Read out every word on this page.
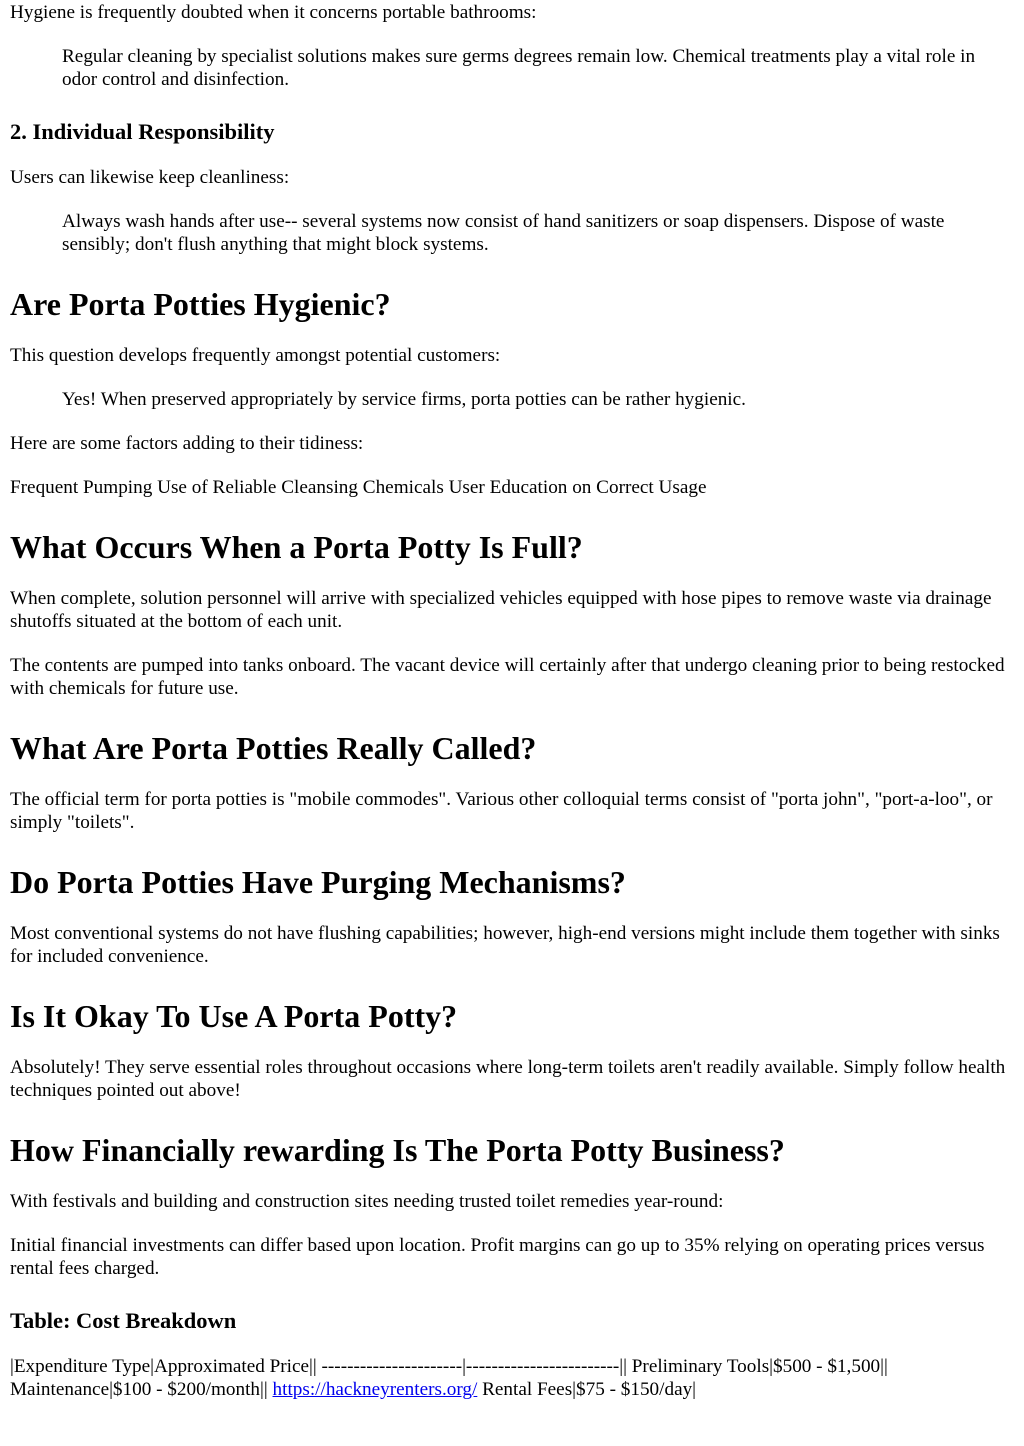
Hygiene is frequently doubted when it concerns portable bathrooms:

Regular cleaning by specialist solutions makes sure germs degrees remain low. Chemical treatments play a vital role in odor control and disinfection.
2. Individual Responsibility

Users can likewise keep cleanliness:

Always wash hands after use-- several systems now consist of hand sanitizers or soap dispensers. Dispose of waste sensibly; don't flush anything that might block systems.
Are Porta Potties Hygienic?

This question develops frequently amongst potential customers:

Yes! When preserved appropriately by service firms, porta potties can be rather hygienic.

Here are some factors adding to their tidiness:

Frequent Pumping Use of Reliable Cleansing Chemicals User Education on Correct Usage

What Occurs When a Porta Potty Is Full?

When complete, solution personnel will arrive with specialized vehicles equipped with hose pipes to remove waste via drainage shutoffs situated at the bottom of each unit.

The contents are pumped into tanks onboard. The vacant device will certainly after that undergo cleaning prior to being restocked with chemicals for future use.

What Are Porta Potties Really Called?

The official term for porta potties is "mobile commodes". Various other colloquial terms consist of "porta john", "port-a-loo", or simply "toilets".

Do Porta Potties Have Purging Mechanisms?

Most conventional systems do not have flushing capabilities; however, high-end versions might include them together with sinks for included convenience.

Is It Okay To Use A Porta Potty?

Absolutely! They serve essential roles throughout occasions where long-term toilets aren't readily available. Simply follow health techniques pointed out above!

How Financially rewarding Is The Porta Potty Business?

With festivals and building and construction sites needing trusted toilet remedies year-round:

Initial financial investments can differ based upon location. Profit margins can go up to 35% relying on operating prices versus rental fees charged.

Table: Cost Breakdown

|Expenditure Type|Approximated Price|| ----------------------|------------------------|| Preliminary Tools|$500 - $1,500|| Maintenance|$100 - $200/month|| https://hackneyrenters.org/ Rental Fees|$75 - $150/day|
